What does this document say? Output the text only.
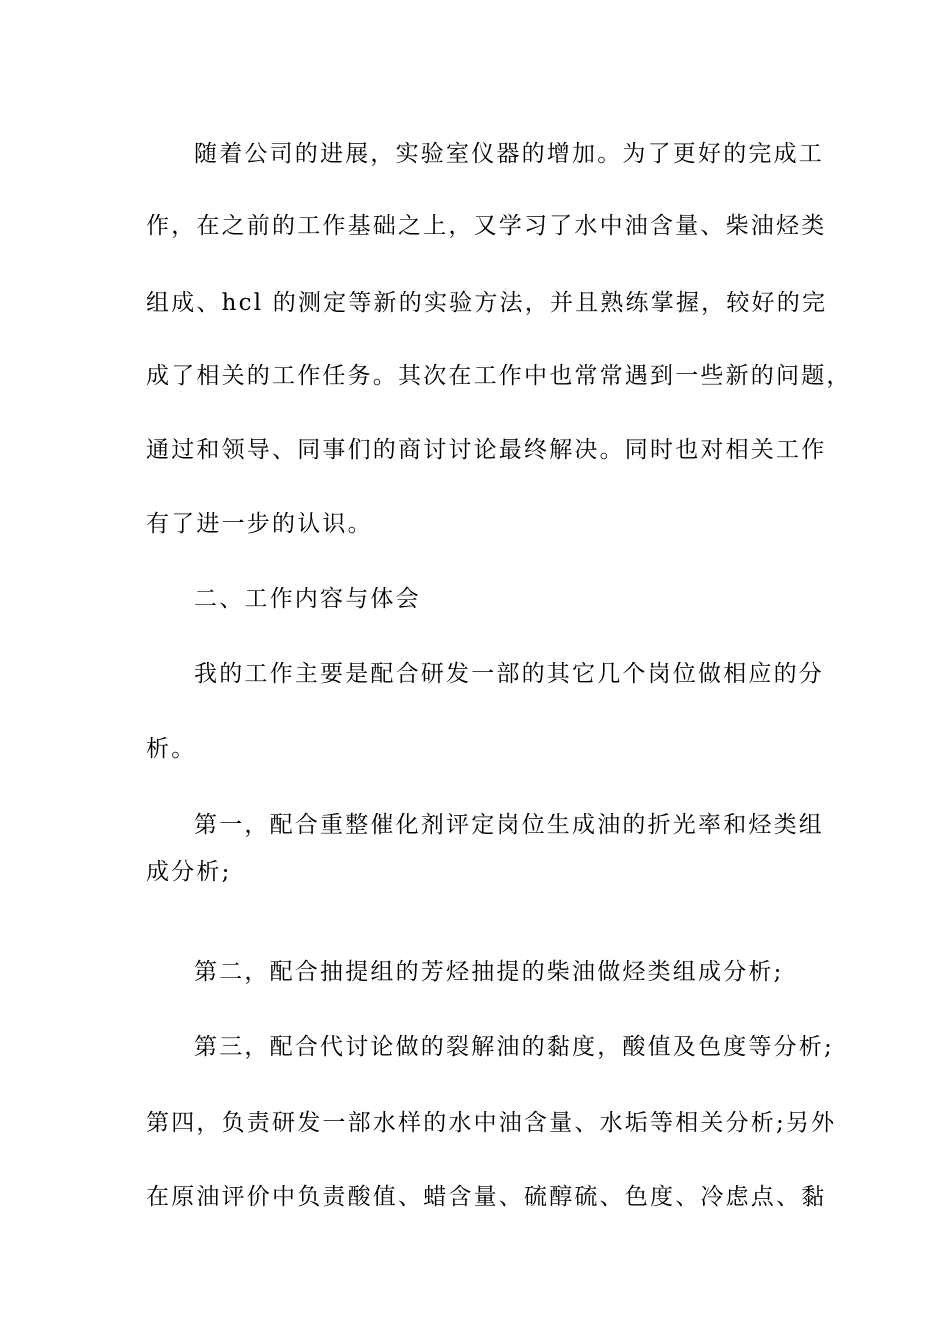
随着公司的进展，实验室仪器的增加。为了更好的完成工
作，在之前的工作基础之上，又学习了水中油含量、柴油烃类
组成、hcl 的测定等新的实验方法，并且熟练掌握，较好的完
成了相关的工作任务。其次在工作中也常常遇到一些新的问题，
通过和领导、同事们的商讨讨论最终解决。同时也对相关工作
有了进一步的认识。
二、工作内容与体会
我的工作主要是配合研发一部的其它几个岗位做相应的分
析。
第一，配合重整催化剂评定岗位生成油的折光率和烃类组
成分析;
第二，配合抽提组的芳烃抽提的柴油做烃类组成分析;
第三，配合代讨论做的裂解油的黏度，酸值及色度等分析;
第四，负责研发一部水样的水中油含量、水垢等相关分析;另外
在原油评价中负责酸值、蜡含量、硫醇硫、色度、冷虑点、黏
